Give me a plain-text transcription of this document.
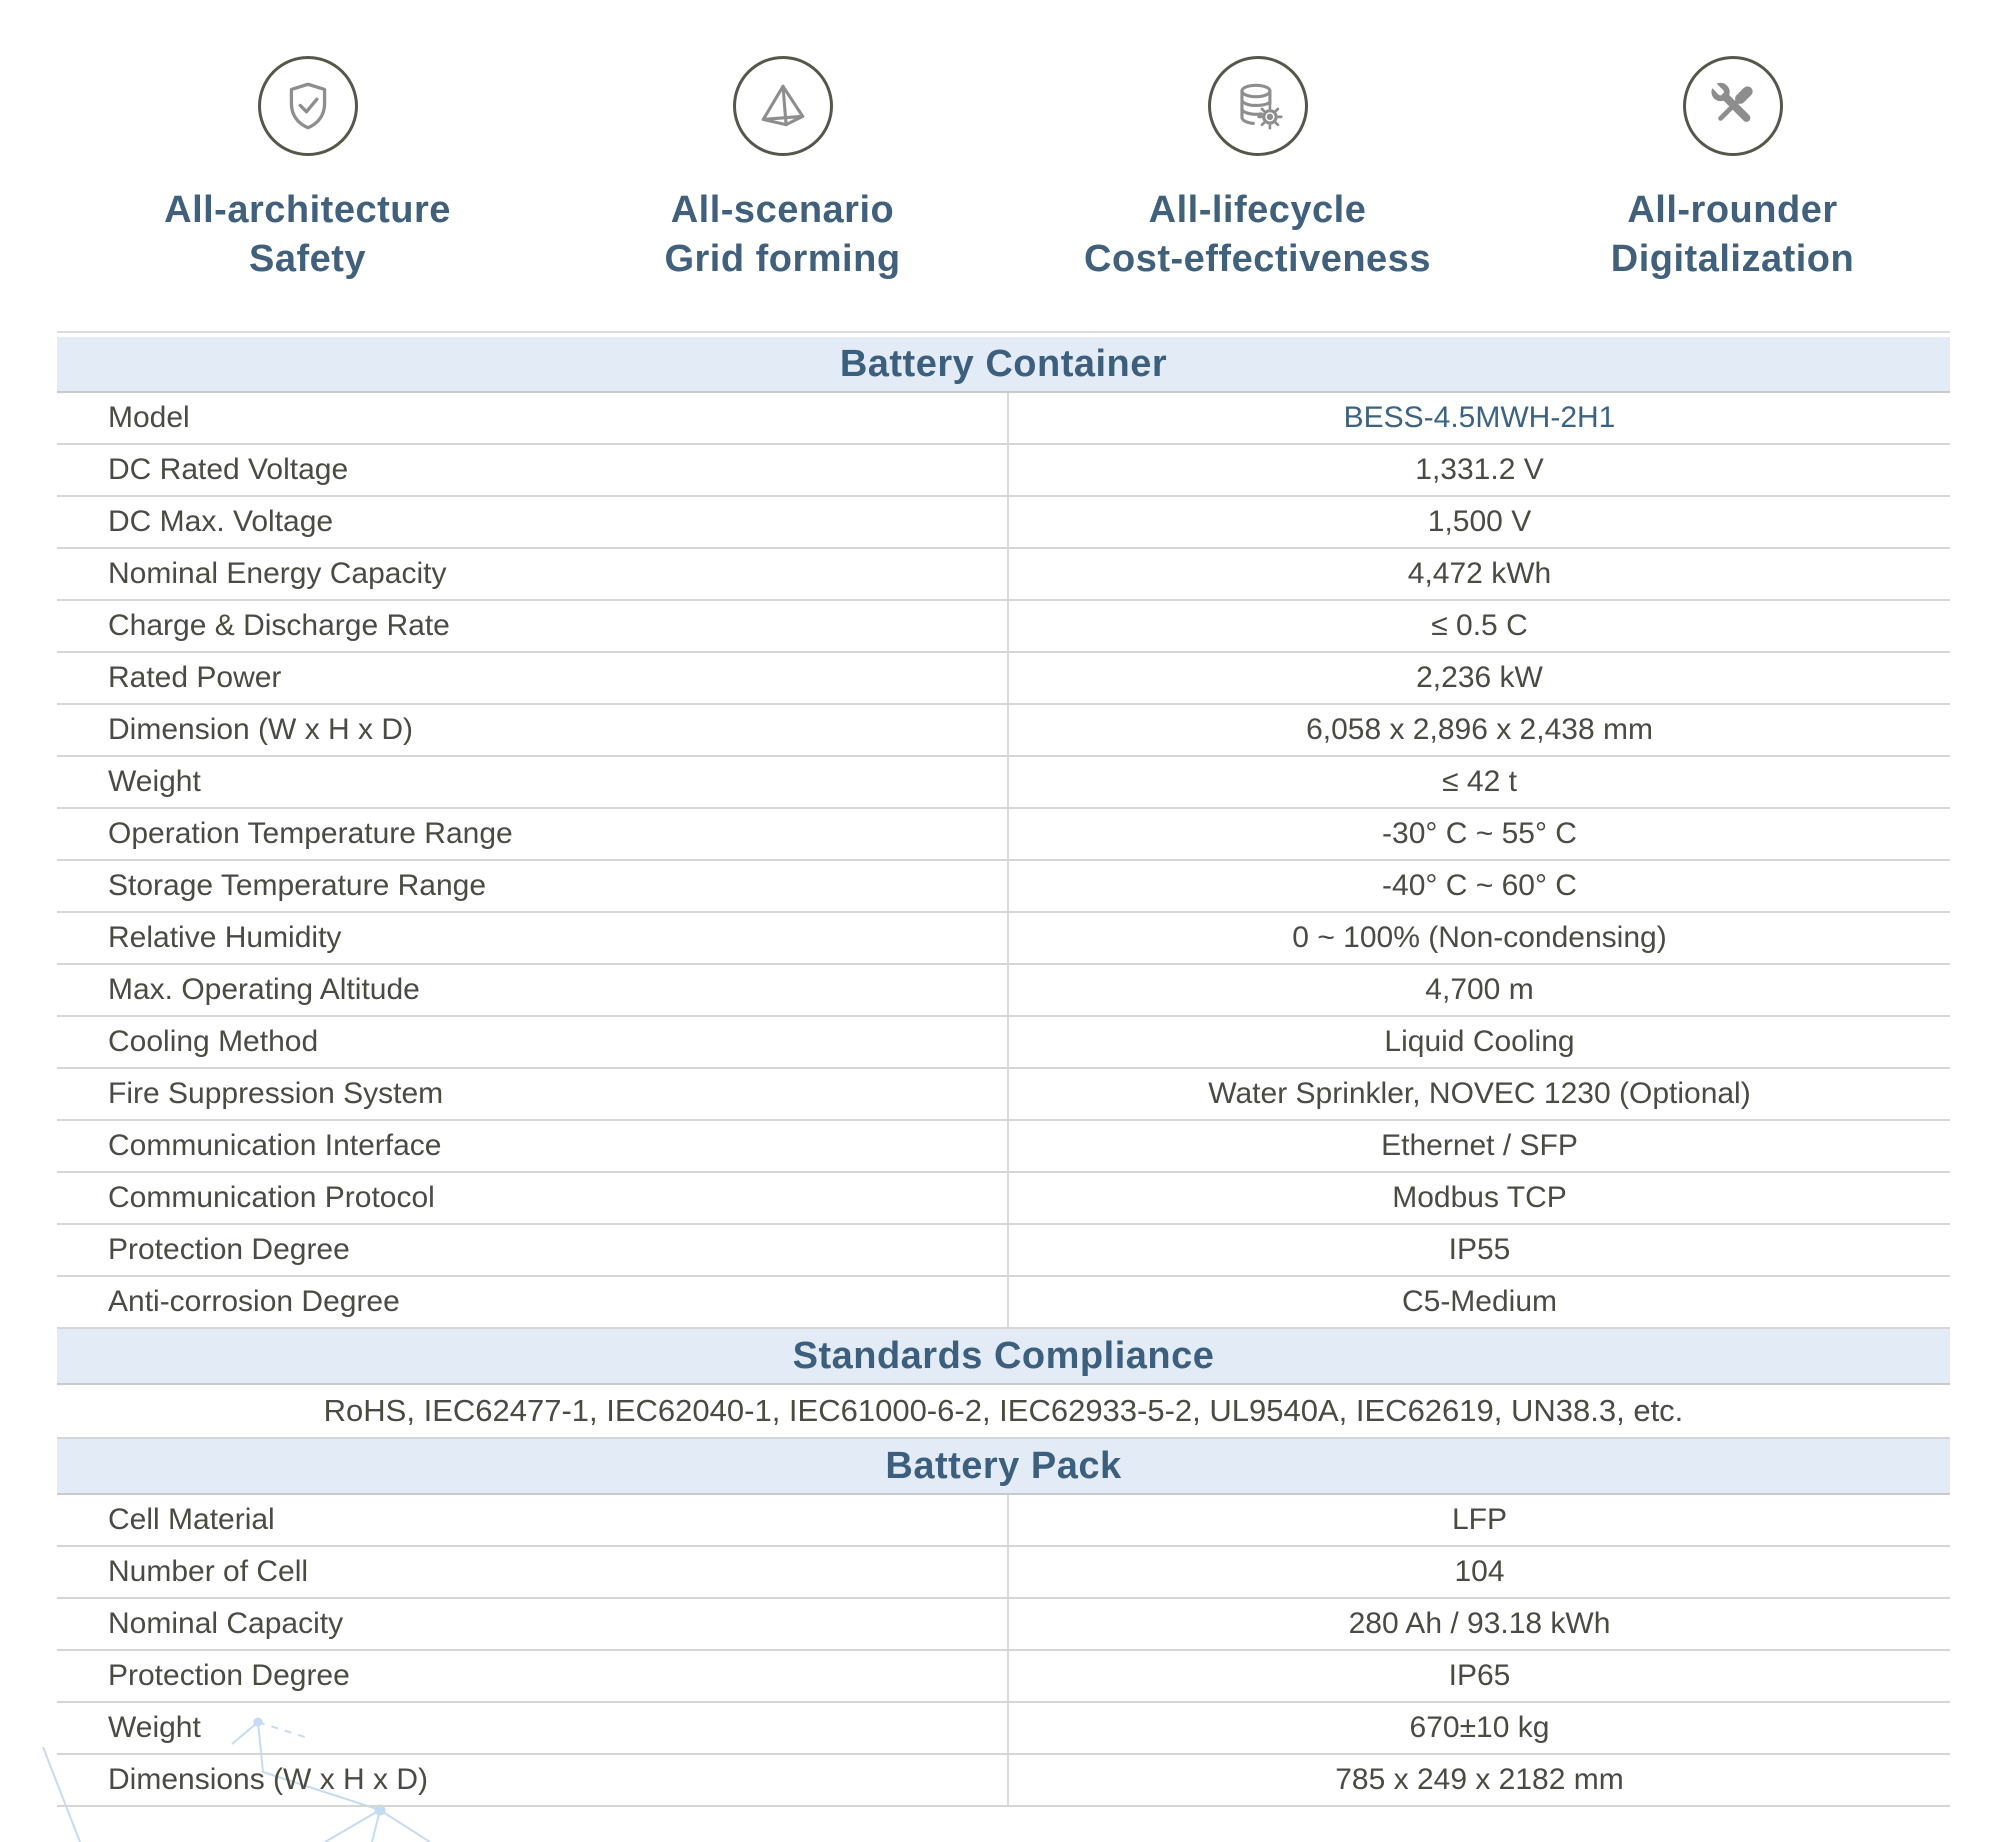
All-architecture
Safety
All-scenario
Grid forming
All-lifecycle
Cost-effectiveness
All-rounder
Digitalization
Battery Container
Model	BESS-4.5MWH-2H1
DC Rated Voltage	1,331.2 V
DC Max. Voltage	1,500 V
Nominal Energy Capacity	4,472 kWh
Charge & Discharge Rate	≤ 0.5 C
Rated Power	2,236 kW
Dimension (W x H x D)	6,058 x 2,896 x 2,438 mm
Weight	≤ 42 t
Operation Temperature Range	-30° C ~ 55° C
Storage Temperature Range	-40° C ~ 60° C
Relative Humidity	0 ~ 100% (Non-condensing)
Max. Operating Altitude	4,700 m
Cooling Method	Liquid Cooling
Fire Suppression System	Water Sprinkler, NOVEC 1230 (Optional)
Communication Interface	Ethernet / SFP
Communication Protocol	Modbus TCP
Protection Degree	IP55
Anti-corrosion Degree	C5-Medium
Standards Compliance
RoHS, IEC62477-1, IEC62040-1, IEC61000-6-2, IEC62933-5-2, UL9540A, IEC62619, UN38.3, etc.
Battery Pack
Cell Material	LFP
Number of Cell	104
Nominal Capacity	280 Ah / 93.18 kWh
Protection Degree	IP65
Weight	670±10 kg
Dimensions (W x H x D)	785 x 249 x 2182 mm
